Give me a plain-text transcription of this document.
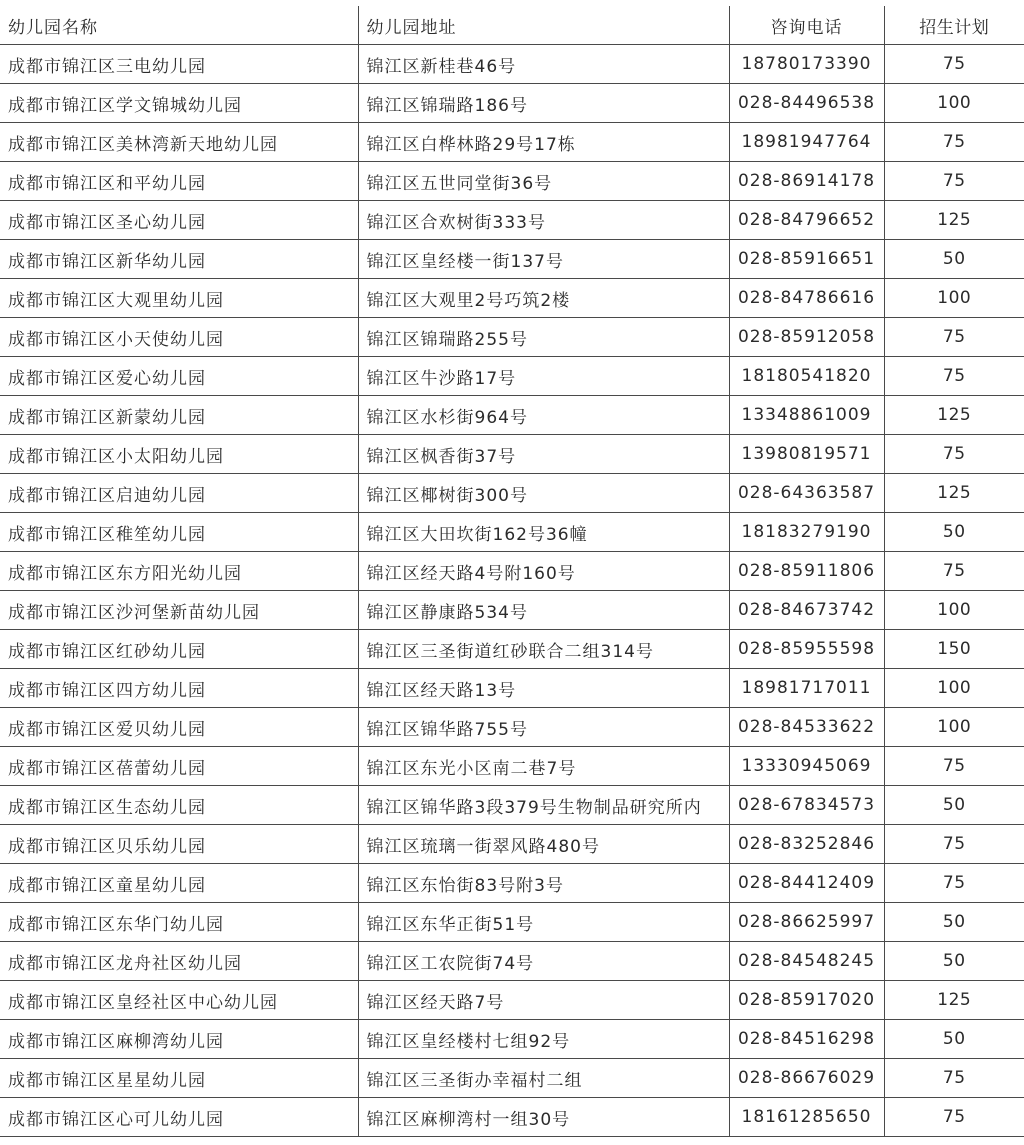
幼儿园名称	幼儿园地址	咨询电话	招生计划
成都市锦江区三电幼儿园	锦江区新桂巷46号	18780173390	75
成都市锦江区学文锦城幼儿园	锦江区锦瑞路186号	028-84496538	100
成都市锦江区美林湾新天地幼儿园	锦江区白桦林路29号17栋	18981947764	75
成都市锦江区和平幼儿园	锦江区五世同堂街36号	028-86914178	75
成都市锦江区圣心幼儿园	锦江区合欢树街333号	028-84796652	125
成都市锦江区新华幼儿园	锦江区皇经楼一街137号	028-85916651	50
成都市锦江区大观里幼儿园	锦江区大观里2号巧筑2楼	028-84786616	100
成都市锦江区小天使幼儿园	锦江区锦瑞路255号	028-85912058	75
成都市锦江区爱心幼儿园	锦江区牛沙路17号	18180541820	75
成都市锦江区新蒙幼儿园	锦江区水杉街964号	13348861009	125
成都市锦江区小太阳幼儿园	锦江区枫香街37号	13980819571	75
成都市锦江区启迪幼儿园	锦江区椰树街300号	028-64363587	125
成都市锦江区稚笙幼儿园	锦江区大田坎街162号36幢	18183279190	50
成都市锦江区东方阳光幼儿园	锦江区经天路4号附160号	028-85911806	75
成都市锦江区沙河堡新苗幼儿园	锦江区静康路534号	028-84673742	100
成都市锦江区红砂幼儿园	锦江区三圣街道红砂联合二组314号	028-85955598	150
成都市锦江区四方幼儿园	锦江区经天路13号	18981717011	100
成都市锦江区爱贝幼儿园	锦江区锦华路755号	028-84533622	100
成都市锦江区蓓蕾幼儿园	锦江区东光小区南二巷7号	13330945069	75
成都市锦江区生态幼儿园	锦江区锦华路3段379号生物制品研究所内	028-67834573	50
成都市锦江区贝乐幼儿园	锦江区琉璃一街翠风路480号	028-83252846	75
成都市锦江区童星幼儿园	锦江区东怡街83号附3号	028-84412409	75
成都市锦江区东华门幼儿园	锦江区东华正街51号	028-86625997	50
成都市锦江区龙舟社区幼儿园	锦江区工农院街74号	028-84548245	50
成都市锦江区皇经社区中心幼儿园	锦江区经天路7号	028-85917020	125
成都市锦江区麻柳湾幼儿园	锦江区皇经楼村七组92号	028-84516298	50
成都市锦江区星星幼儿园	锦江区三圣街办幸福村二组	028-86676029	75
成都市锦江区心可儿幼儿园	锦江区麻柳湾村一组30号	18161285650	75
